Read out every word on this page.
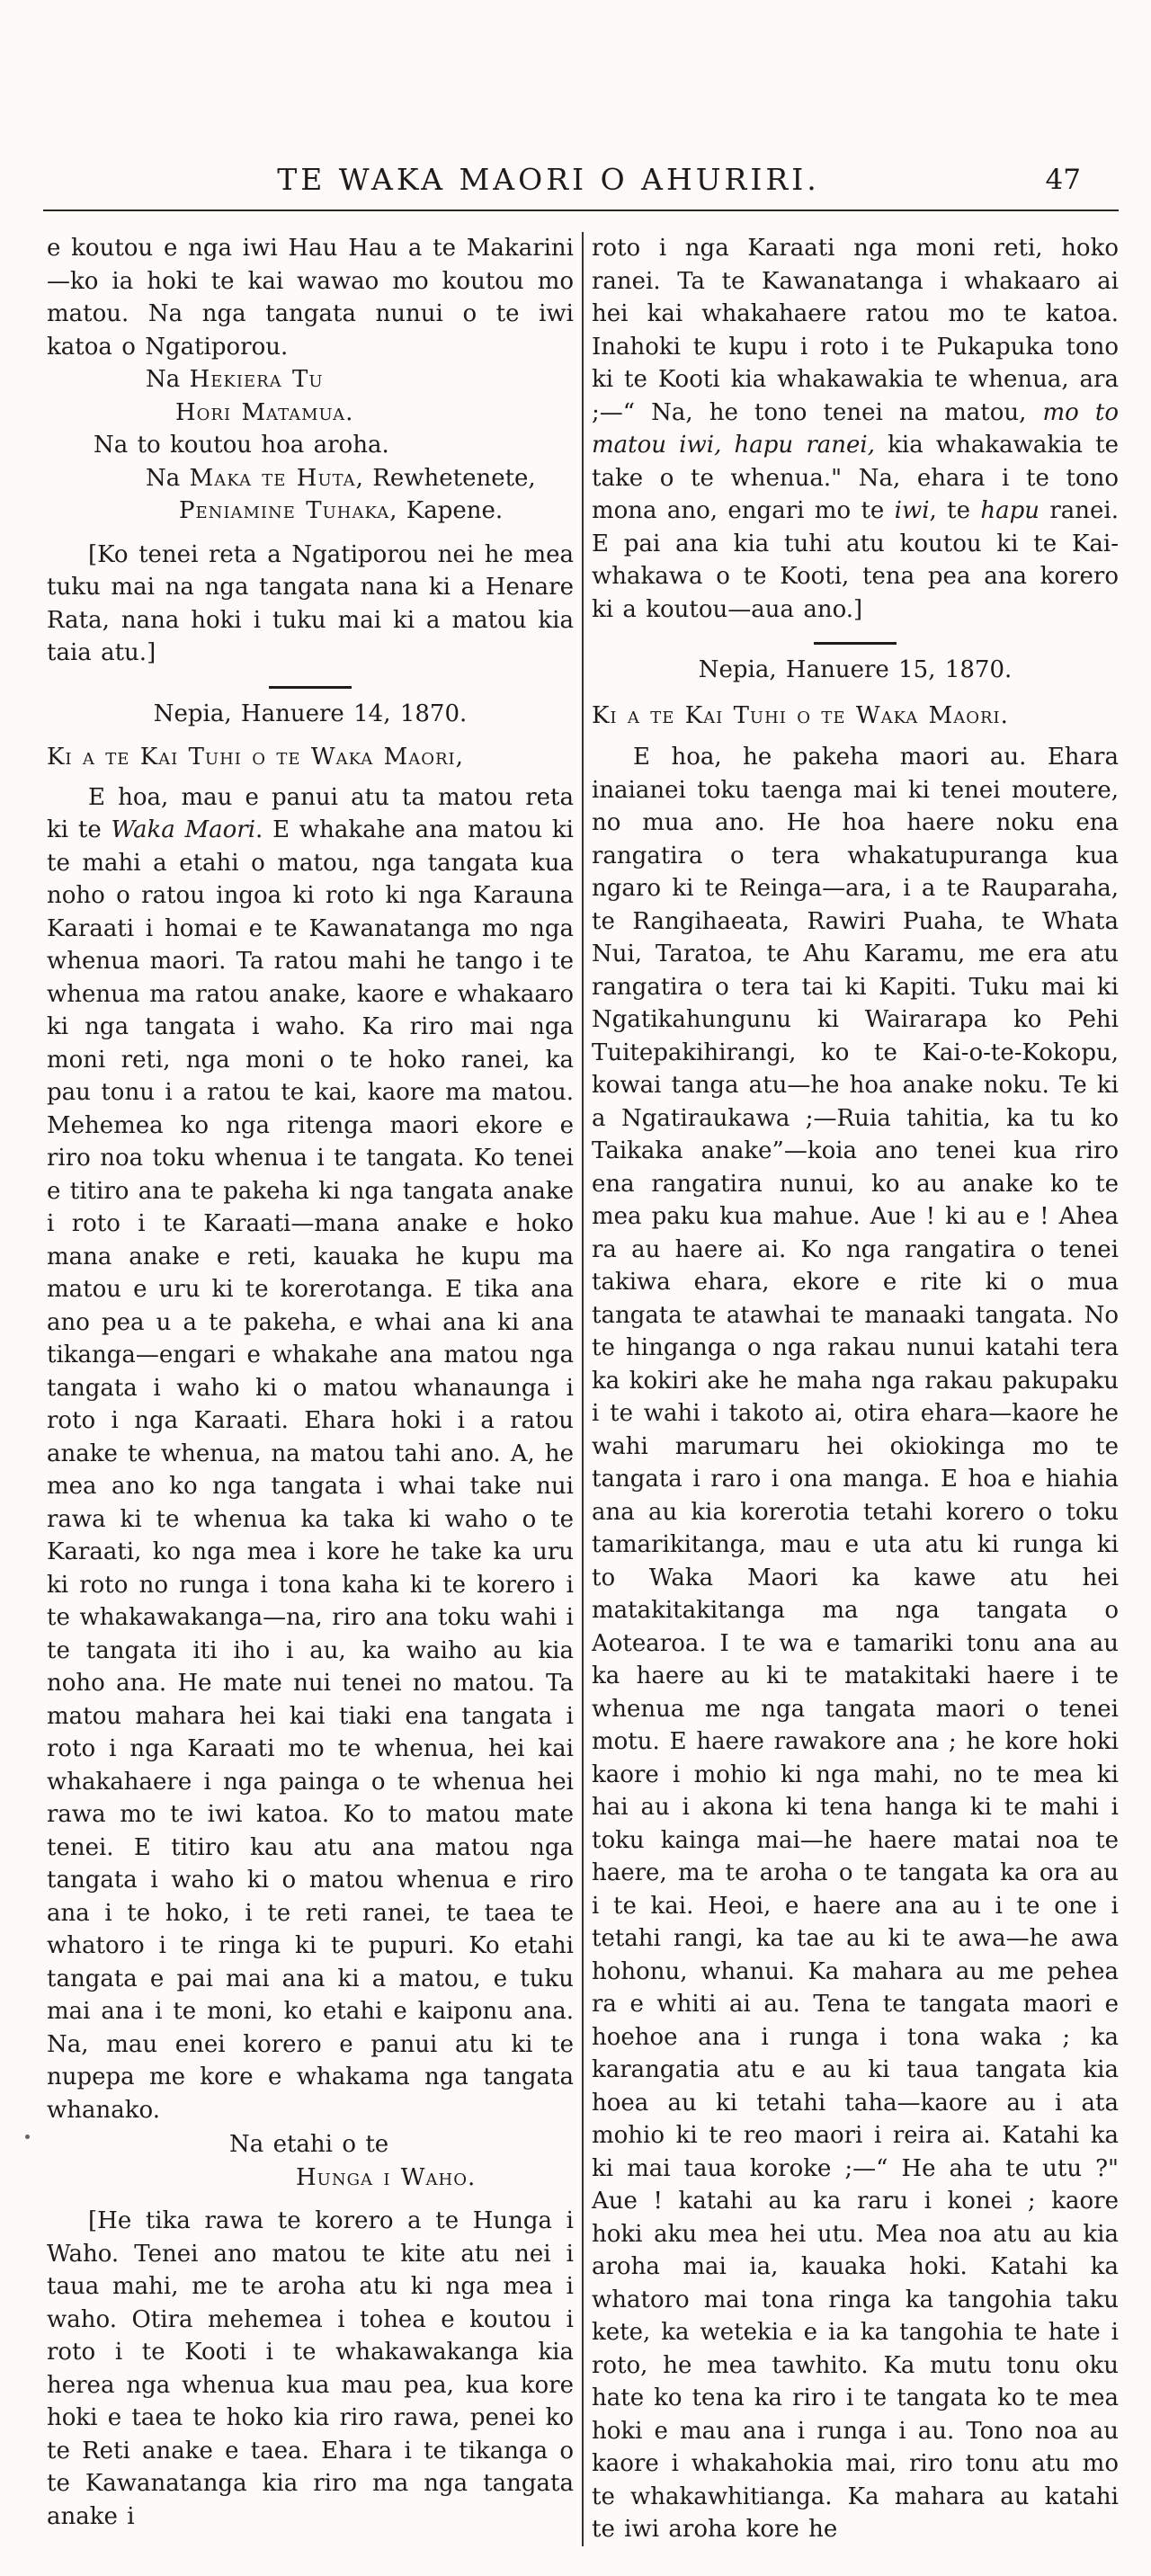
TE WAKA MAORI O AHURIRI.	47
e koutou e nga iwi Hau Hau a te Makarini —ko ia hoki te kai wawao mo koutou mo matou. Na nga tangata nunui o te iwi katoa o Ngatiporou.
Na Hekiera Tu
Hori Matamua.
Na to koutou hoa aroha.
Na Maka te Huta, Rewhetenete,
Peniamine Tuhaka, Kapene.
[Ko tenei reta a Ngatiporou nei he mea tuku mai na nga tangata nana ki a Henare Rata, nana hoki i tuku mai ki a matou kia taia atu.]
Nepia, Hanuere 14, 1870.
Ki a te Kai Tuhi o te Waka Maori,
E hoa, mau e panui atu ta matou reta ki te Waka Maori. E whakahe ana matou ki te mahi a etahi o matou, nga tangata kua noho o ratou ingoa ki roto ki nga Karauna Karaati i homai e te Kawanatanga mo nga whenua maori. Ta ratou mahi he tango i te whenua ma ratou anake, kaore e whakaaro ki nga tangata i waho. Ka riro mai nga moni reti, nga moni o te hoko ranei, ka pau tonu i a ratou te kai, kaore ma matou. Mehemea ko nga ritenga maori ekore e riro noa toku whenua i te tangata. Ko tenei e titiro ana te pakeha ki nga tangata anake i roto i te Karaati—mana anake e hoko mana anake e reti, kauaka he kupu ma matou e uru ki te korerotanga. E tika ana ano pea u a te pakeha, e whai ana ki ana tikanga—engari e whakahe ana matou nga tangata i waho ki o matou whanaunga i roto i nga Karaati. Ehara hoki i a ratou anake te whenua, na matou tahi ano. A, he mea ano ko nga tangata i whai take nui rawa ki te whenua ka taka ki waho o te Karaati, ko nga mea i kore he take ka uru ki roto no runga i tona kaha ki te korero i te whakawakanga—na, riro ana toku wahi i te tangata iti iho i au, ka waiho au kia noho ana. He mate nui tenei no matou. Ta matou mahara hei kai tiaki ena tangata i roto i nga Karaati mo te whenua, hei kai whakahaere i nga painga o te whenua hei rawa mo te iwi katoa. Ko to matou mate tenei. E titiro kau atu ana matou nga tangata i waho ki o matou whenua e riro ana i te hoko, i te reti ranei, te taea te whatoro i te ringa ki te pupuri. Ko etahi tangata e pai mai ana ki a matou, e tuku mai ana i te moni, ko etahi e kaiponu ana. Na, mau enei korero e panui atu ki te nupepa me kore e whakama nga tangata whanako.
Na etahi o te
Hunga i Waho.
[He tika rawa te korero a te Hunga i Waho. Tenei ano matou te kite atu nei i taua mahi, me te aroha atu ki nga mea i waho. Otira mehemea i tohea e koutou i roto i te Kooti i te whakawakanga kia herea nga whenua kua mau pea, kua kore hoki e taea te hoko kia riro rawa, penei ko te Reti anake e taea. Ehara i te tikanga o te Kawanatanga kia riro ma nga tangata anake i
roto i nga Karaati nga moni reti, hoko ranei. Ta te Kawanatanga i whakaaro ai hei kai whakahaere ratou mo te katoa. Inahoki te kupu i roto i te Pukapuka tono ki te Kooti kia whakawakia te whenua, ara ;—“ Na, he tono tenei na matou, mo to matou iwi, hapu ranei, kia whakawakia te take o te whenua." Na, ehara i te tono mona ano, engari mo te iwi, te hapu ranei. E pai ana kia tuhi atu koutou ki te Kai-whakawa o te Kooti, tena pea ana korero ki a koutou—aua ano.]
Nepia, Hanuere 15, 1870.
Ki a te Kai Tuhi o te Waka Maori.
E hoa, he pakeha maori au. Ehara inaianei toku taenga mai ki tenei moutere, no mua ano. He hoa haere noku ena rangatira o tera whakatupuranga kua ngaro ki te Reinga—ara, i a te Rauparaha, te Rangihaeata, Rawiri Puaha, te Whata Nui, Taratoa, te Ahu Karamu, me era atu rangatira o tera tai ki Kapiti. Tuku mai ki Ngatikahungunu ki Wairarapa ko Pehi Tuitepakihirangi, ko te Kai-o-te-Kokopu, kowai tanga atu—he hoa anake noku. Te ki a Ngatiraukawa ;—Ruia tahitia, ka tu ko Taikaka anake”—koia ano tenei kua riro ena rangatira nunui, ko au anake ko te mea paku kua mahue. Aue ! ki au e ! Ahea ra au haere ai. Ko nga rangatira o tenei takiwa ehara, ekore e rite ki o mua tangata te atawhai te manaaki tangata. No te hinganga o nga rakau nunui katahi tera ka kokiri ake he maha nga rakau pakupaku i te wahi i takoto ai, otira ehara—kaore he wahi marumaru hei okiokinga mo te tangata i raro i ona manga. E hoa e hiahia ana au kia korerotia tetahi korero o toku tamarikitanga, mau e uta atu ki runga ki to Waka Maori ka kawe atu hei matakitakitanga ma nga tangata o Aotearoa. I te wa e tamariki tonu ana au ka haere au ki te matakitaki haere i te whenua me nga tangata maori o tenei motu. E haere rawakore ana ; he kore hoki kaore i mohio ki nga mahi, no te mea ki hai au i akona ki tena hanga ki te mahi i toku kainga mai—he haere matai noa te haere, ma te aroha o te tangata ka ora au i te kai. Heoi, e haere ana au i te one i tetahi rangi, ka tae au ki te awa—he awa hohonu, whanui. Ka mahara au me pehea ra e whiti ai au. Tena te tangata maori e hoehoe ana i runga i tona waka ; ka karangatia atu e au ki taua tangata kia hoea au ki tetahi taha—kaore au i ata mohio ki te reo maori i reira ai. Katahi ka ki mai taua koroke ;—“ He aha te utu ?" Aue ! katahi au ka raru i konei ; kaore hoki aku mea hei utu. Mea noa atu au kia aroha mai ia, kauaka hoki. Katahi ka whatoro mai tona ringa ka tangohia taku kete, ka wetekia e ia ka tangohia te hate i roto, he mea tawhito. Ka mutu tonu oku hate ko tena ka riro i te tangata ko te mea hoki e mau ana i runga i au. Tono noa au kaore i whakahokia mai, riro tonu atu mo te whakawhitianga. Ka mahara au katahi te iwi aroha kore he
